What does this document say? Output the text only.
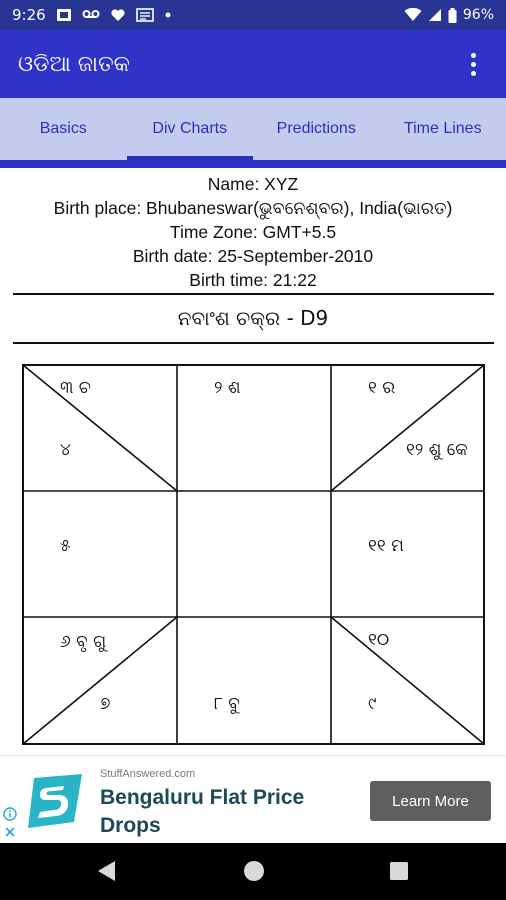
9:26	96%
ଓଡିଆ ଜାତକ
Basics	Div Charts	Predictions	Time Lines
Name: XYZ
Birth place: Bhubaneswar(ଭୁବନେଶ୍ବର), India(ଭାରତ)
Time Zone: GMT+5.5
Birth date: 25-September-2010
Birth time: 21:22
ନବାଂଶ ଚକ୍ର - D9
୩ ଚ
୪
୨ ଶ	୧ ର
୧୨ ଶୁ କେ
୫	୧୧ ମ
୬ ବୃ ଗୁ
୭	୮ ବୁ
୧୦
୯
StuffAnswered.com
Bengaluru Flat Price Drops
Learn More
